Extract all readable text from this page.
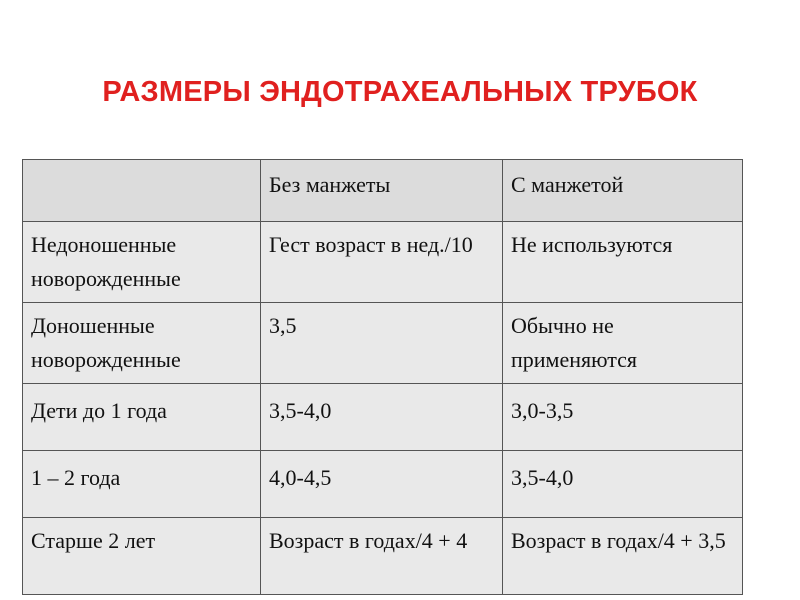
РАЗМЕРЫ ЭНДОТРАХЕАЛЬНЫХ ТРУБОК
	Без манжеты	С манжетой
Недоношенные новорожденные	Гест возраст в нед./10	Не используются
Доношенные новорожденные	3,5	Обычно не применяются
Дети до 1 года	3,5-4,0	3,0-3,5
1 – 2 года	4,0-4,5	3,5-4,0
Старше 2 лет	Возраст в годах/4 + 4	Возраст в годах/4 + 3,5
